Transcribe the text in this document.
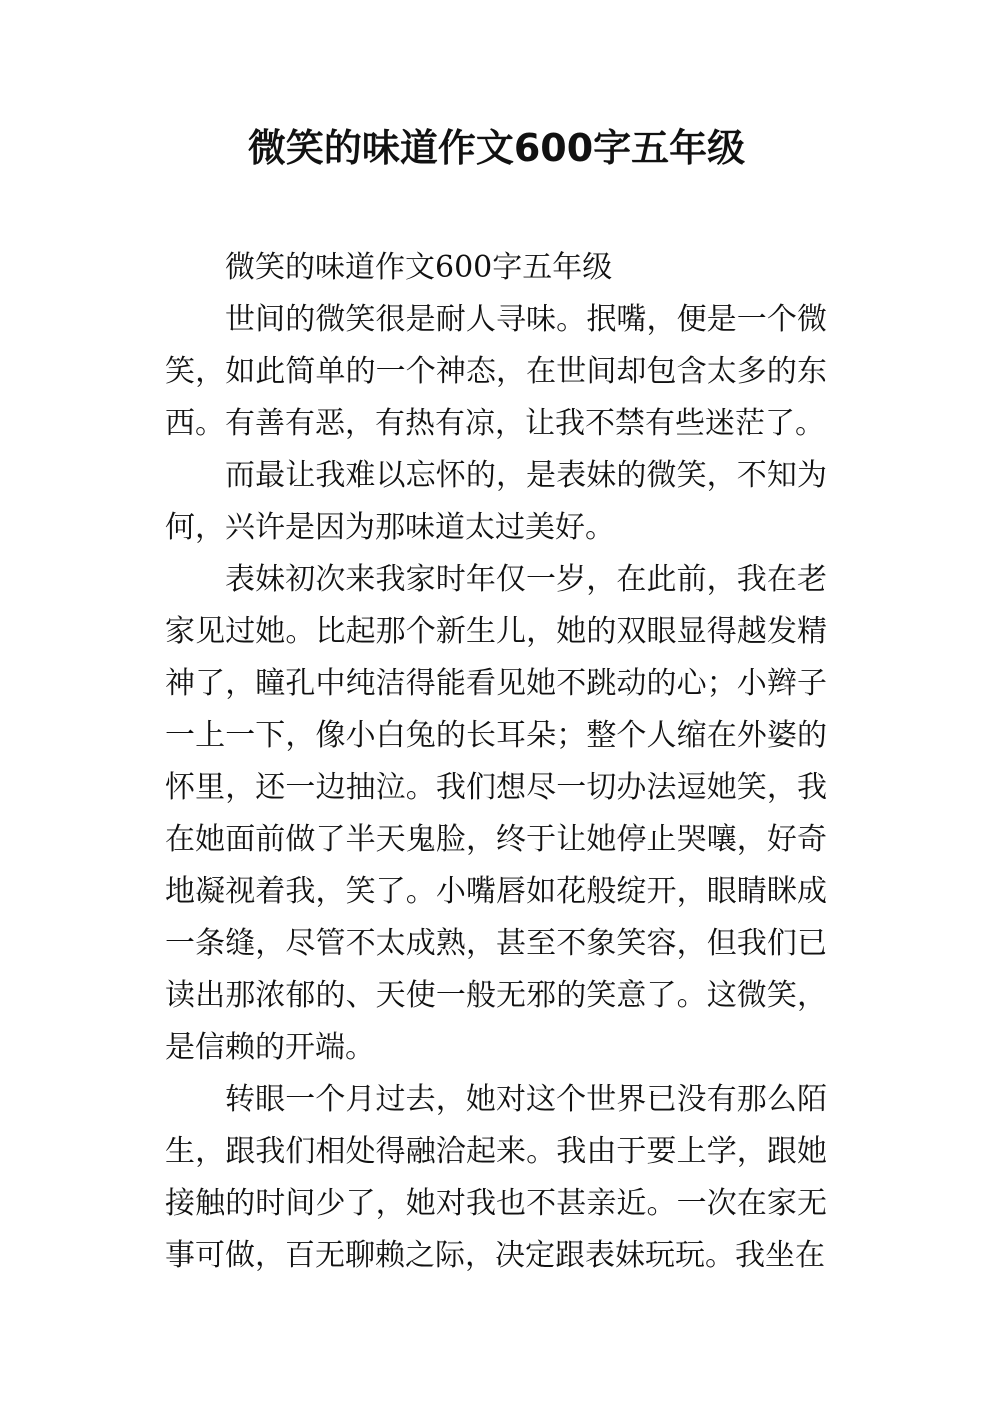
微笑的味道作文600字五年级

微笑的味道作文600字五年级

世间的微笑很是耐人寻味。抿嘴，便是一个微笑，如此简单的一个神态，在世间却包含太多的东西。有善有恶，有热有凉，让我不禁有些迷茫了。

而最让我难以忘怀的，是表妹的微笑，不知为何，兴许是因为那味道太过美好。

表妹初次来我家时年仅一岁，在此前，我在老家见过她。比起那个新生儿，她的双眼显得越发精神了，瞳孔中纯洁得能看见她不跳动的心；小辫子一上一下，像小白兔的长耳朵；整个人缩在外婆的怀里，还一边抽泣。我们想尽一切办法逗她笑，我在她面前做了半天鬼脸，终于让她停止哭嚷，好奇地凝视着我，笑了。小嘴唇如花般绽开，眼睛眯成一条缝，尽管不太成熟，甚至不象笑容，但我们已读出那浓郁的、天使一般无邪的笑意了。这微笑，是信赖的开端。

转眼一个月过去，她对这个世界已没有那么陌生，跟我们相处得融洽起来。我由于要上学，跟她接触的时间少了，她对我也不甚亲近。一次在家无事可做，百无聊赖之际，决定跟表妹玩玩。我坐在
